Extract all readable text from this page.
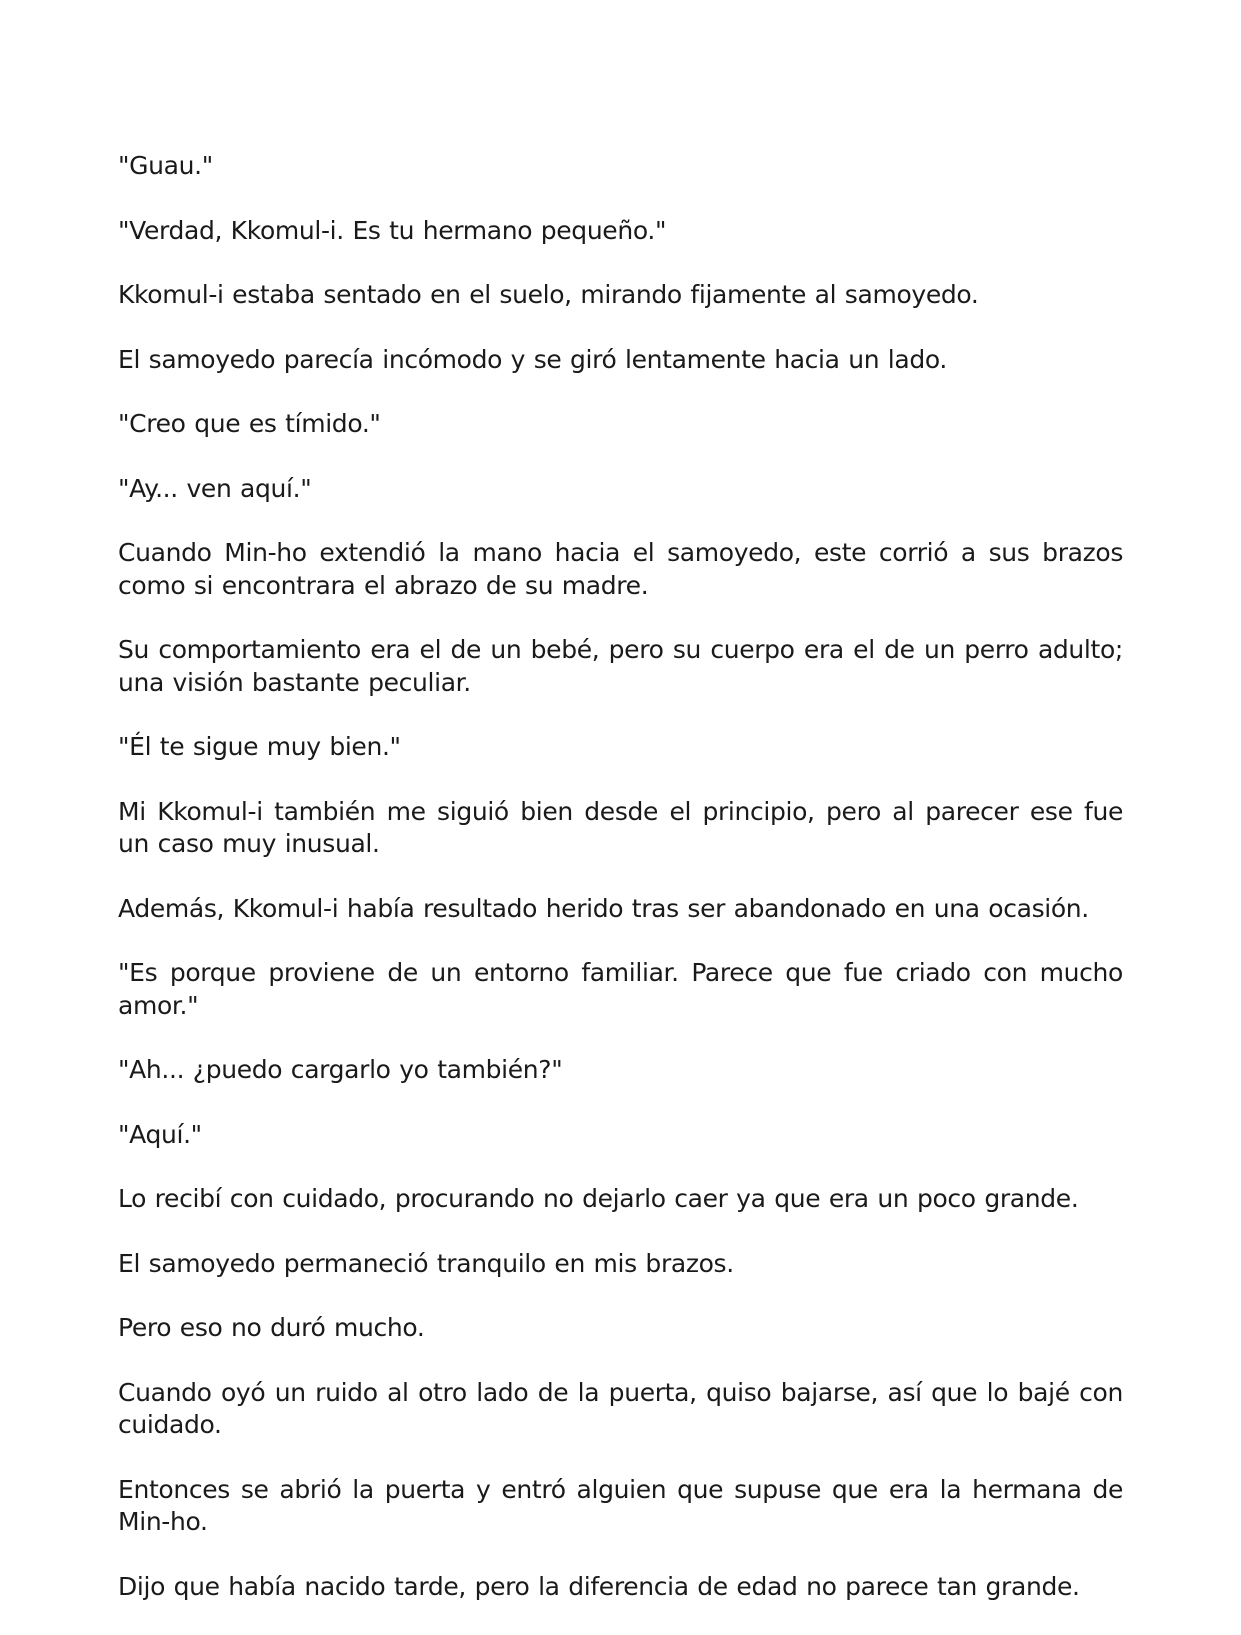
"Guau."

"Verdad, Kkomul-i. Es tu hermano pequeño."

Kkomul-i estaba sentado en el suelo, mirando fijamente al samoyedo.

El samoyedo parecía incómodo y se giró lentamente hacia un lado.

"Creo que es tímido."

"Ay... ven aquí."

Cuando Min-ho extendió la mano hacia el samoyedo, este corrió a sus brazos como si encontrara el abrazo de su madre.

Su comportamiento era el de un bebé, pero su cuerpo era el de un perro adulto; una visión bastante peculiar.

"Él te sigue muy bien."

Mi Kkomul-i también me siguió bien desde el principio, pero al parecer ese fue un caso muy inusual.

Además, Kkomul-i había resultado herido tras ser abandonado en una ocasión.

"Es porque proviene de un entorno familiar. Parece que fue criado con mucho amor."

"Ah... ¿puedo cargarlo yo también?"

"Aquí."

Lo recibí con cuidado, procurando no dejarlo caer ya que era un poco grande.

El samoyedo permaneció tranquilo en mis brazos.

Pero eso no duró mucho.

Cuando oyó un ruido al otro lado de la puerta, quiso bajarse, así que lo bajé con cuidado.

Entonces se abrió la puerta y entró alguien que supuse que era la hermana de Min-ho.

Dijo que había nacido tarde, pero la diferencia de edad no parece tan grande.
